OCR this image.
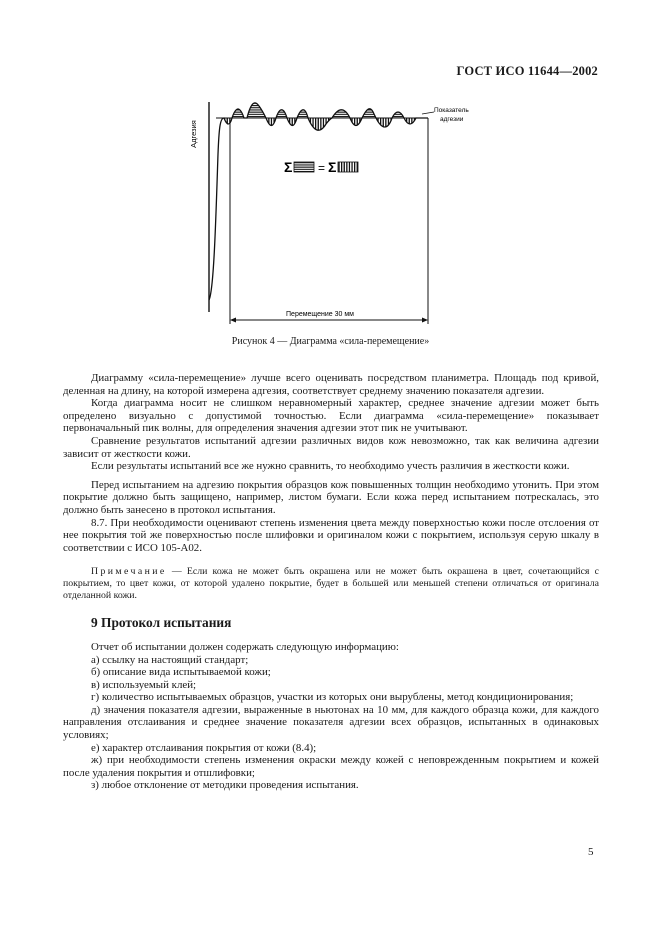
ГОСТ ИСО 11644—2002
Адгезия
Показатель
адгезии
Перемещение 30 мм
Σ = Σ
Рисунок 4 — Диаграмма «сила-перемещение»

Диаграмму «сила-перемещение» лучше всего оценивать посредством планиметра. Площадь под кривой, деленная на длину, на которой измерена адгезия, соответствует среднему значению показателя адгезии.

Когда диаграмма носит не слишком неравномерный характер, среднее значение адгезии может быть определено визуально с допустимой точностью. Если диаграмма «сила-перемещение» показывает первоначальный пик волны, для определения значения адгезии этот пик не учитывают.

Сравнение результатов испытаний адгезии различных видов кож невозможно, так как величина адгезии зависит от жесткости кожи.

Если результаты испытаний все же нужно сравнить, то необходимо учесть различия в жесткости кожи.

Перед испытанием на адгезию покрытия образцов кож повышенных толщин необходимо утонить. При этом покрытие должно быть защищено, например, листом бумаги. Если кожа перед испытанием потрескалась, это должно быть занесено в протокол испытания.

8.7. При необходимости оценивают степень изменения цвета между поверхностью кожи после отслоения от нее покрытия той же поверхностью после шлифовки и оригиналом кожи с покрытием, используя серую шкалу в соответствии с ИСО 105-А02.

Примечание — Если кожа не может быть окрашена или не может быть окрашена в цвет, сочетающийся с покрытием, то цвет кожи, от которой удалено покрытие, будет в большей или меньшей степени отличаться от оригинала отделанной кожи.

9 Протокол испытания

Отчет об испытании должен содержать следующую информацию:

а) ссылку на настоящий стандарт;

б) описание вида испытываемой кожи;

в) используемый клей;

г) количество испытываемых образцов, участки из которых они вырублены, метод кондиционирования;

д) значения показателя адгезии, выраженные в ньютонах на 10 мм, для каждого образца кожи, для каждого направления отслаивания и среднее значение показателя адгезии всех образцов, испытанных в одинаковых условиях;

е) характер отслаивания покрытия от кожи (8.4);

ж) при необходимости степень изменения окраски между кожей с неповрежденным покрытием и кожей после удаления покрытия и отшлифовки;

з) любое отклонение от методики проведения испытания.

5
